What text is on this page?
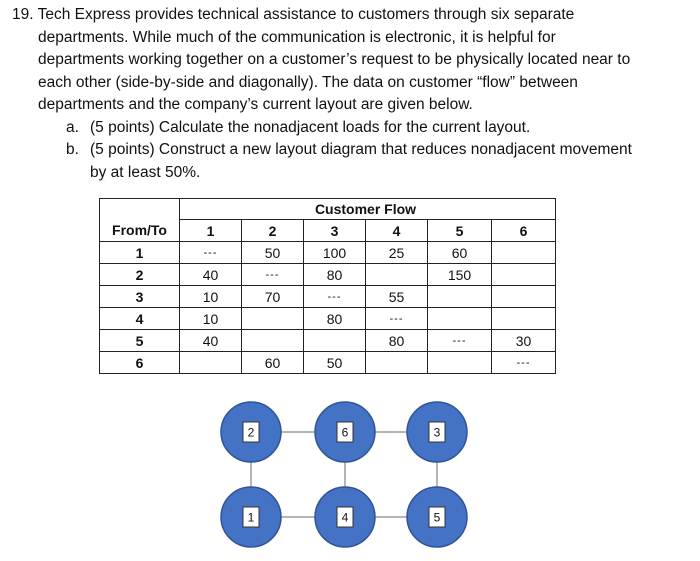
19. Tech Express provides technical assistance to customers through six separate
departments. While much of the communication is electronic, it is helpful for
departments working together on a customer’s request to be physically located near to
each other (side-by-side and diagonally). The data on customer “flow” between
departments and the company’s current layout are given below.
a. (5 points) Calculate the nonadjacent loads for the current layout.
b. (5 points) Construct a new layout diagram that reduces nonadjacent movement
by at least 50%.
			Customer Flow			
From/To	1	2	3	4	5	6
1	---	50	100	25	60	
2	40	---	80		150	
3	10	70	---	55		
4	10		80	---		
5	40			80	---	30
6		60	50			---
2	6	3
1	4	5
